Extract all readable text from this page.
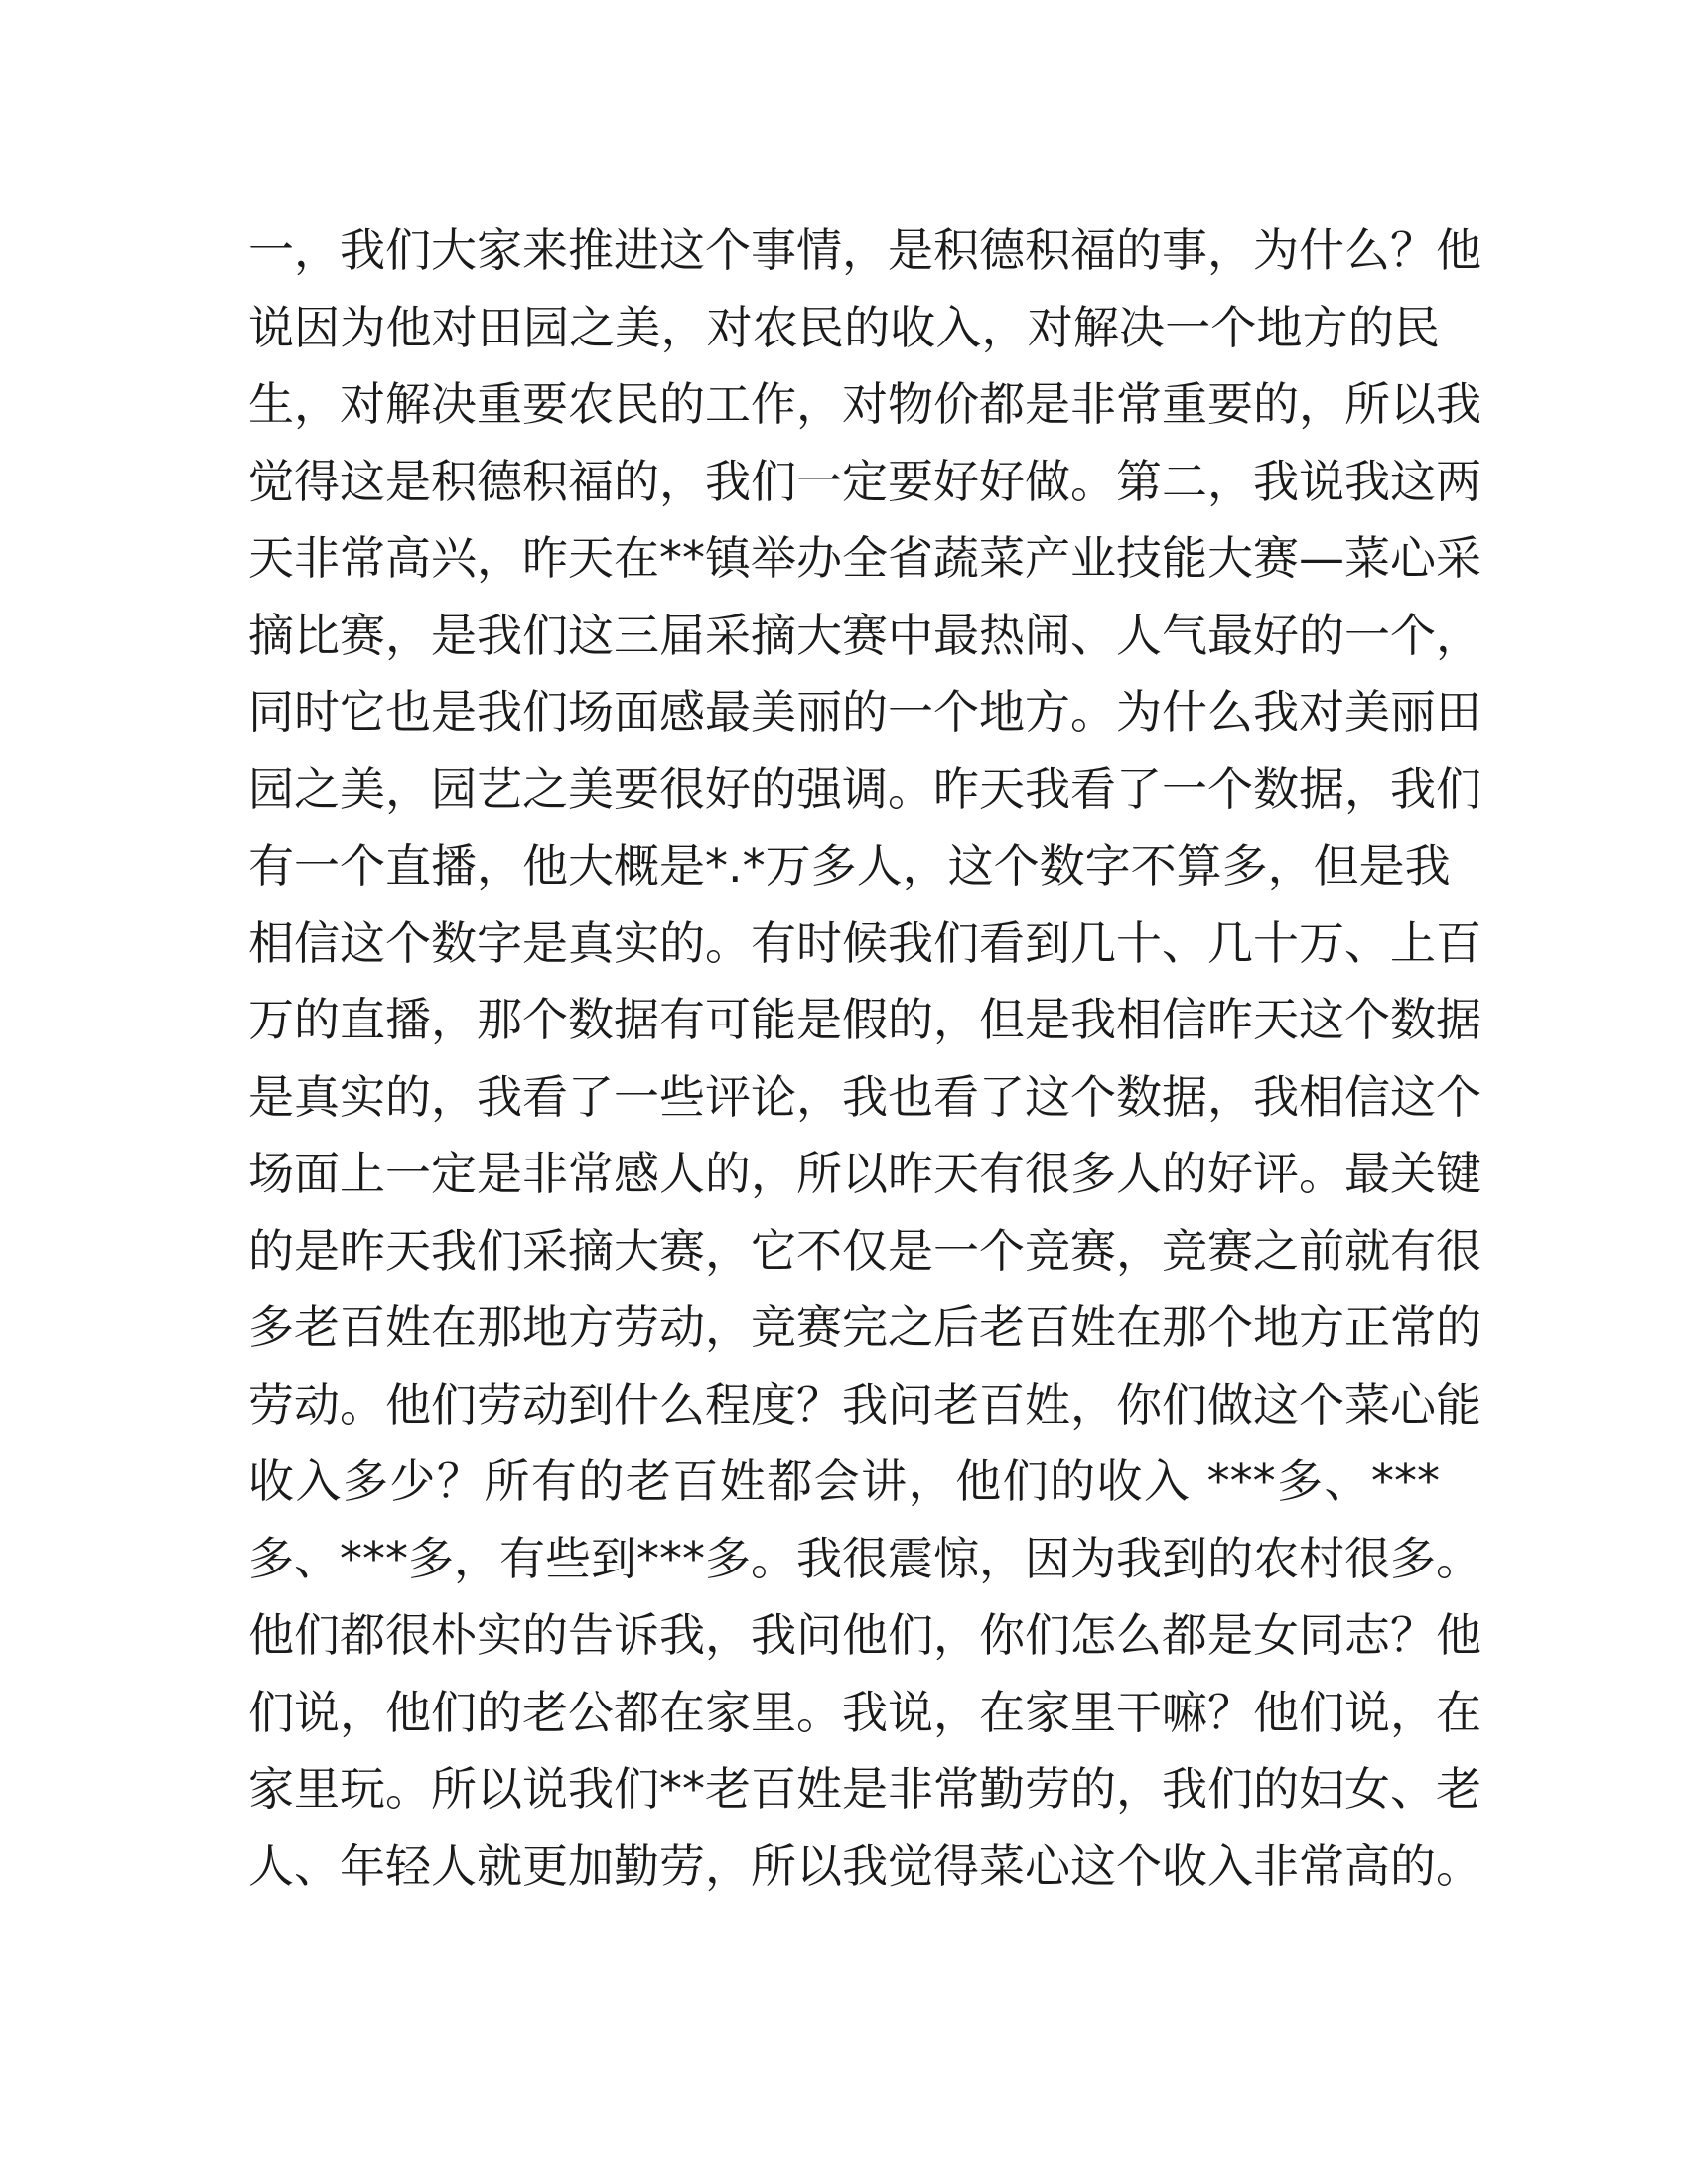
一，我们大家来推进这个事情，是积德积福的事，为什么？他
说因为他对田园之美，对农民的收入，对解决一个地方的民
生，对解决重要农民的工作，对物价都是非常重要的，所以我
觉得这是积德积福的，我们一定要好好做。第二，我说我这两
天非常高兴，昨天在**镇举办全省蔬菜产业技能大赛—菜心采
摘比赛，是我们这三届采摘大赛中最热闹、人气最好的一个，
同时它也是我们场面感最美丽的一个地方。为什么我对美丽田
园之美，园艺之美要很好的强调。昨天我看了一个数据，我们
有一个直播，他大概是*.*万多人，这个数字不算多，但是我
相信这个数字是真实的。有时候我们看到几十、几十万、上百
万的直播，那个数据有可能是假的，但是我相信昨天这个数据
是真实的，我看了一些评论，我也看了这个数据，我相信这个
场面上一定是非常感人的，所以昨天有很多人的好评。最关键
的是昨天我们采摘大赛，它不仅是一个竞赛，竞赛之前就有很
多老百姓在那地方劳动，竞赛完之后老百姓在那个地方正常的
劳动。他们劳动到什么程度？我问老百姓，你们做这个菜心能
收入多少？所有的老百姓都会讲，他们的收入 ***多、***
多、***多，有些到***多。我很震惊，因为我到的农村很多。
他们都很朴实的告诉我，我问他们，你们怎么都是女同志？他
们说，他们的老公都在家里。我说，在家里干嘛？他们说，在
家里玩。所以说我们**老百姓是非常勤劳的，我们的妇女、老
人、年轻人就更加勤劳，所以我觉得菜心这个收入非常高的。
